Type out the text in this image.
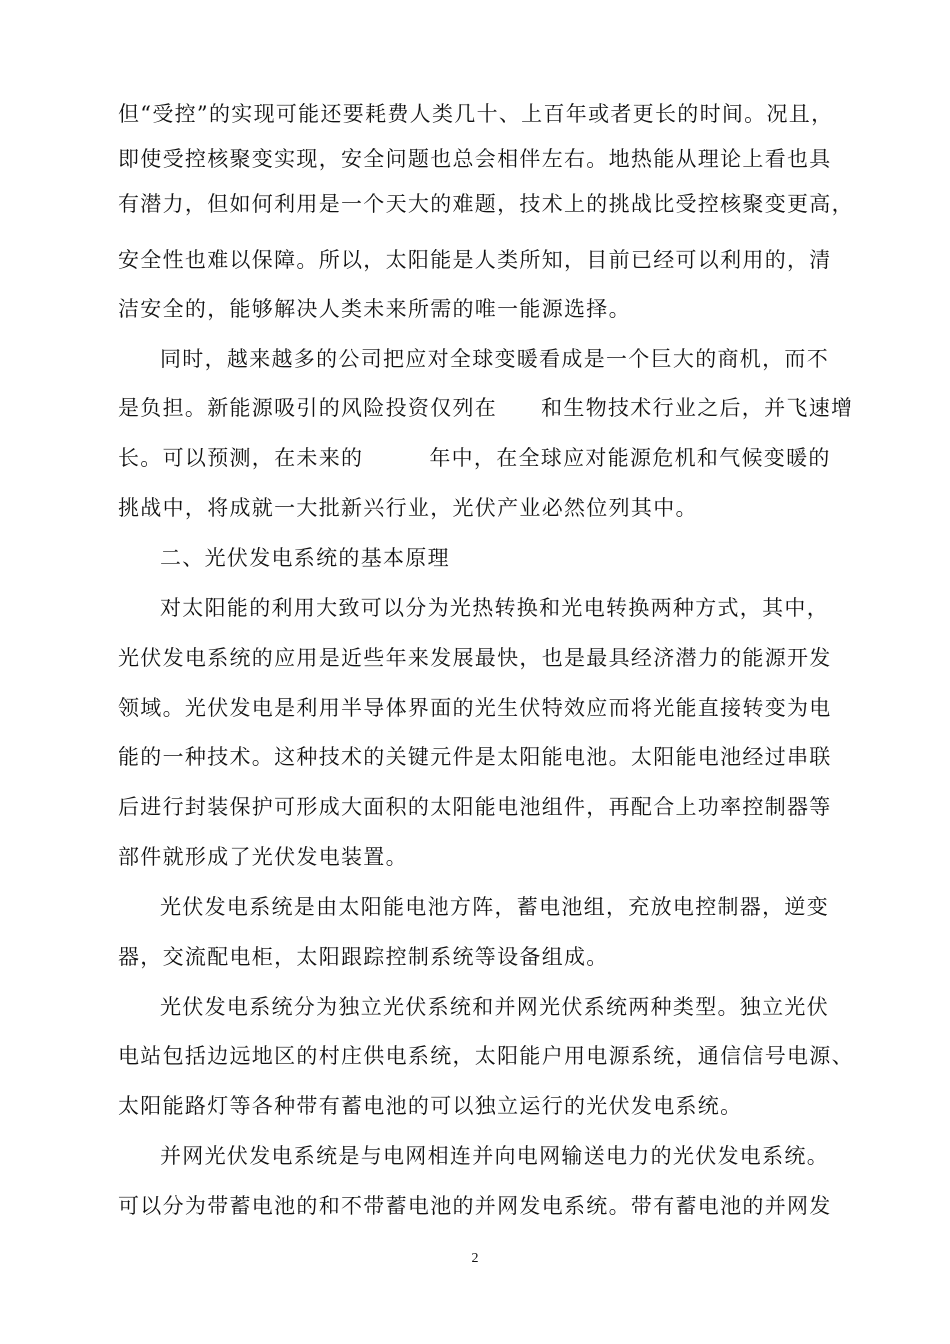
但“受控”的实现可能还要耗费人类几十、上百年或者更长的时间。况且，
即使受控核聚变实现，安全问题也总会相伴左右。地热能从理论上看也具
有潜力，但如何利用是一个天大的难题，技术上的挑战比受控核聚变更高，
安全性也难以保障。所以，太阳能是人类所知，目前已经可以利用的，清
洁安全的，能够解决人类未来所需的唯一能源选择。
同时，越来越多的公司把应对全球变暖看成是一个巨大的商机，而不
是负担。新能源吸引的风险投资仅列在 和生物技术行业之后，并飞速增
长。可以预测，在未来的	年中，在全球应对能源危机和气候变暖的
挑战中，将成就一大批新兴行业，光伏产业必然位列其中。
二、光伏发电系统的基本原理
对太阳能的利用大致可以分为光热转换和光电转换两种方式，其中，
光伏发电系统的应用是近些年来发展最快，也是最具经济潜力的能源开发
领域。光伏发电是利用半导体界面的光生伏特效应而将光能直接转变为电
能的一种技术。这种技术的关键元件是太阳能电池。太阳能电池经过串联
后进行封装保护可形成大面积的太阳能电池组件，再配合上功率控制器等
部件就形成了光伏发电装置。
光伏发电系统是由太阳能电池方阵，蓄电池组，充放电控制器，逆变
器，交流配电柜，太阳跟踪控制系统等设备组成。
光伏发电系统分为独立光伏系统和并网光伏系统两种类型。独立光伏
电站包括边远地区的村庄供电系统，太阳能户用电源系统，通信信号电源、
太阳能路灯等各种带有蓄电池的可以独立运行的光伏发电系统。
并网光伏发电系统是与电网相连并向电网输送电力的光伏发电系统。
可以分为带蓄电池的和不带蓄电池的并网发电系统。带有蓄电池的并网发
2
